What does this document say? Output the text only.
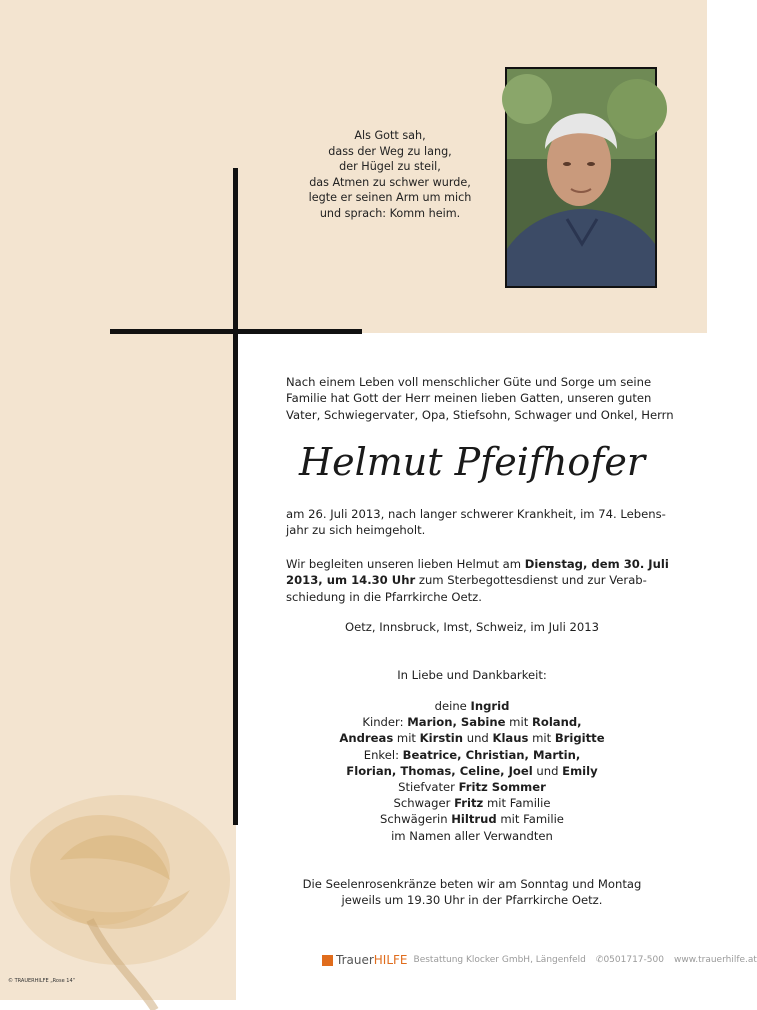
Als Gott sah,
dass der Weg zu lang,
der Hügel zu steil,
das Atmen zu schwer wurde,
legte er seinen Arm um mich
und sprach: Komm heim.
Nach einem Leben voll menschlicher Güte und Sorge um seine
Familie hat Gott der Herr meinen lieben Gatten, unseren guten
Vater, Schwiegervater, Opa, Stiefsohn, Schwager und Onkel, Herrn
Helmut Pfeifhofer
am 26. Juli 2013, nach langer schwerer Krankheit, im 74. Lebens-
jahr zu sich heimgeholt.
Wir begleiten unseren lieben Helmut am Dienstag, dem 30. Juli
2013, um 14.30 Uhr zum Sterbegottesdienst und zur Verab-
schiedung in die Pfarrkirche Oetz.
Oetz, Innsbruck, Imst, Schweiz, im Juli 2013
In Liebe und Dankbarkeit:
deine Ingrid
Kinder: Marion, Sabine mit Roland,
Andreas mit Kirstin und Klaus mit Brigitte
Enkel: Beatrice, Christian, Martin,
Florian, Thomas, Celine, Joel und Emily
Stiefvater Fritz Sommer
Schwager Fritz mit Familie
Schwägerin Hiltrud mit Familie
im Namen aller Verwandten
Die Seelenrosenkränze beten wir am Sonntag und Montag
jeweils um 19.30 Uhr in der Pfarrkirche Oetz.
Trauer HILFE Bestattung Klocker GmbH, Längenfeld ✆0501717-500 www.trauerhilfe.at
© TRAUERHILFE „Rose 14“
